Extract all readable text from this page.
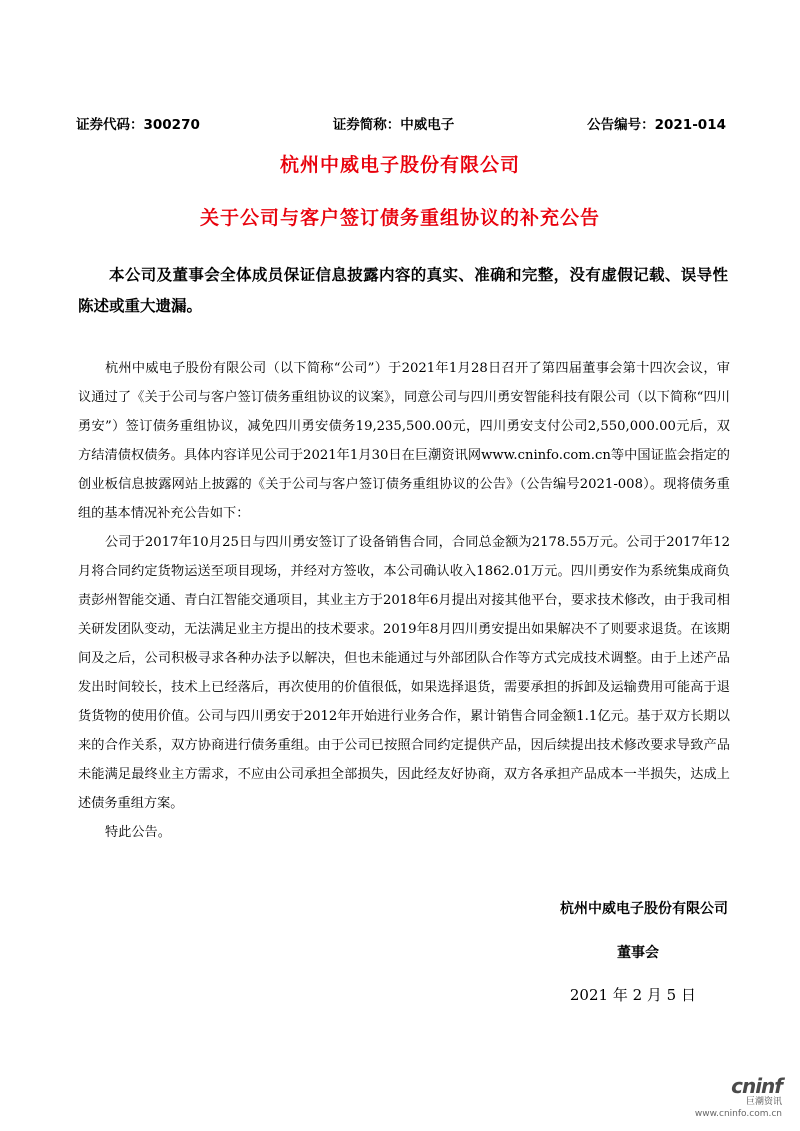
证券代码：300270	证券简称：中威电子	公告编号：2021-014
杭州中威电子股份有限公司
关于公司与客户签订债务重组协议的补充公告
本公司及董事会全体成员保证信息披露内容的真实、准确和完整，没有虚假记载、误导性陈述或重大遗漏。

杭州中威电子股份有限公司（以下简称“公司”）于2021年1月28日召开了第四届董事会第十四次会议，审议通过了《关于公司与客户签订债务重组协议的议案》，同意公司与四川勇安智能科技有限公司（以下简称“四川勇安”）签订债务重组协议，减免四川勇安债务19,235,500.00元，四川勇安支付公司2,550,000.00元后，双方结清债权债务。具体内容详见公司于2021年1月30日在巨潮资讯网www.cninfo.com.cn等中国证监会指定的创业板信息披露网站上披露的《关于公司与客户签订债务重组协议的公告》（公告编号2021-008）。现将债务重组的基本情况补充公告如下：

公司于2017年10月25日与四川勇安签订了设备销售合同，合同总金额为2178.55万元。公司于2017年12月将合同约定货物运送至项目现场，并经对方签收，本公司确认收入1862.01万元。四川勇安作为系统集成商负责彭州智能交通、青白江智能交通项目，其业主方于2018年6月提出对接其他平台，要求技术修改，由于我司相关研发团队变动，无法满足业主方提出的技术要求。2019年8月四川勇安提出如果解决不了则要求退货。在该期间及之后，公司积极寻求各种办法予以解决，但也未能通过与外部团队合作等方式完成技术调整。由于上述产品发出时间较长，技术上已经落后，再次使用的价值很低，如果选择退货，需要承担的拆卸及运输费用可能高于退货货物的使用价值。公司与四川勇安于2012年开始进行业务合作，累计销售合同金额1.1亿元。基于双方长期以来的合作关系，双方协商进行债务重组。由于公司已按照合同约定提供产品，因后续提出技术修改要求导致产品未能满足最终业主方需求，不应由公司承担全部损失，因此经友好协商，双方各承担产品成本一半损失，达成上述债务重组方案。

特此公告。

杭州中威电子股份有限公司
董事会
2021 年 2 月 5 日
cninf
巨潮资讯
www.cninfo.com.cn
